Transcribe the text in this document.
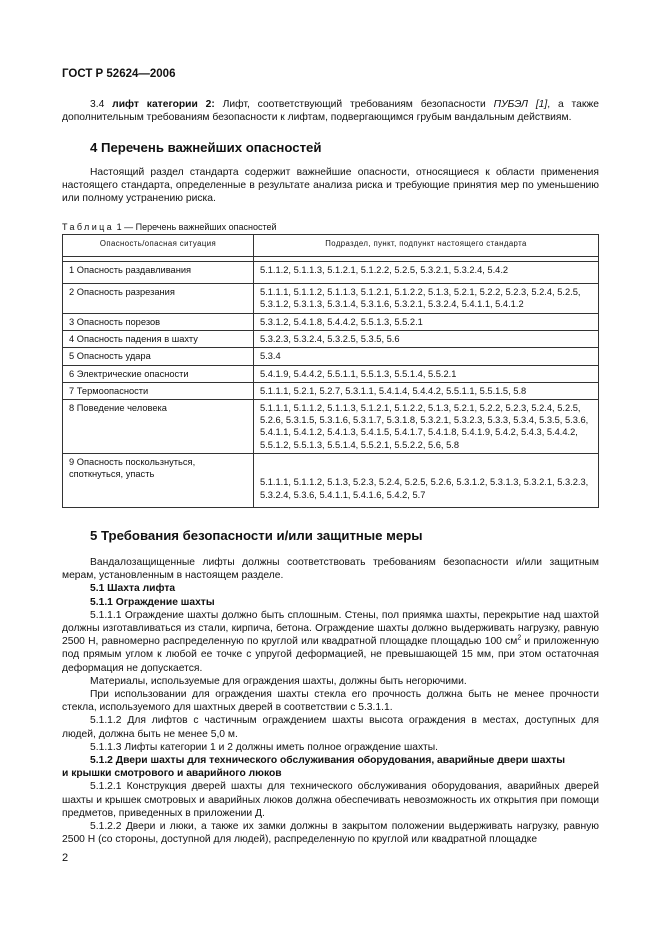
ГОСТ Р 52624—2006
3.4 лифт категории 2: Лифт, соответствующий требованиям безопасности ПУБЭЛ [1], а также дополнительным требованиям безопасности к лифтам, подвергающимся грубым вандальным действиям.
4 Перечень важнейших опасностей
Настоящий раздел стандарта содержит важнейшие опасности, относящиеся к области применения настоящего стандарта, определенные в результате анализа риска и требующие принятия мер по уменьшению или полному устранению риска.
Таблица 1 — Перечень важнейших опасностей
Опасность/опасная ситуация	Подраздел, пункт, подпункт настоящего стандарта

1 Опасность раздавливания	5.1.1.2, 5.1.1.3, 5.1.2.1, 5.1.2.2, 5.2.5, 5.3.2.1, 5.3.2.4, 5.4.2
2 Опасность разрезания	5.1.1.1, 5.1.1.2, 5.1.1.3, 5.1.2.1, 5.1.2.2, 5.1.3, 5.2.1, 5.2.2, 5.2.3, 5.2.4, 5.2.5, 5.3.1.2, 5.3.1.3, 5.3.1.4, 5.3.1.6, 5.3.2.1, 5.3.2.4, 5.4.1.1, 5.4.1.2
3 Опасность порезов	5.3.1.2, 5.4.1.8, 5.4.4.2, 5.5.1.3, 5.5.2.1
4 Опасность падения в шахту	5.3.2.3, 5.3.2.4, 5.3.2.5, 5.3.5, 5.6
5 Опасность удара	5.3.4
6 Электрические опасности	5.4.1.9, 5.4.4.2, 5.5.1.1, 5.5.1.3, 5.5.1.4, 5.5.2.1
7 Термоопасности	5.1.1.1, 5.2.1, 5.2.7, 5.3.1.1, 5.4.1.4, 5.4.4.2, 5.5.1.1, 5.5.1.5, 5.8
8 Поведение человека	5.1.1.1, 5.1.1.2, 5.1.1.3, 5.1.2.1, 5.1.2.2, 5.1.3, 5.2.1, 5.2.2, 5.2.3, 5.2.4, 5.2.5, 5.2.6, 5.3.1.5, 5.3.1.6, 5.3.1.7, 5.3.1.8, 5.3.2.1, 5.3.2.3, 5.3.3, 5.3.4, 5.3.5, 5.3.6, 5.4.1.1, 5.4.1.2, 5.4.1.3, 5.4.1.5, 5.4.1.7, 5.4.1.8, 5.4.1.9, 5.4.2, 5.4.3, 5.4.4.2, 5.5.1.2, 5.5.1.3, 5.5.1.4, 5.5.2.1, 5.5.2.2, 5.6, 5.8
9 Опасность поскользнуться, споткнуться, упасть	5.1.1.1, 5.1.1.2, 5.1.3, 5.2.3, 5.2.4, 5.2.5, 5.2.6, 5.3.1.2, 5.3.1.3, 5.3.2.1, 5.3.2.3, 5.3.2.4, 5.3.6, 5.4.1.1, 5.4.1.6, 5.4.2, 5.7
5 Требования безопасности и/или защитные меры

Вандалозащищенные лифты должны соответствовать требованиям безопасности и/или защитным мерам, установленным в настоящем разделе.

5.1 Шахта лифта

5.1.1 Ограждение шахты

5.1.1.1 Ограждение шахты должно быть сплошным. Стены, пол приямка шахты, перекрытие над шахтой должны изготавливаться из стали, кирпича, бетона. Ограждение шахты должно выдерживать нагрузку, равную 2500 Н, равномерно распределенную по круглой или квадратной площадке площадью 100 $см^2$ и приложенную под прямым углом к любой ее точке с упругой деформацией, не превышающей 15 мм, при этом остаточная деформация не допускается.

Материалы, используемые для ограждения шахты, должны быть негорючими.

При использовании для ограждения шахты стекла его прочность должна быть не менее прочности стекла, используемого для шахтных дверей в соответствии с 5.3.1.1.

5.1.1.2 Для лифтов с частичным ограждением шахты высота ограждения в местах, доступных для людей, должна быть не менее 5,0 м.

5.1.1.3 Лифты категории 1 и 2 должны иметь полное ограждение шахты.

5.1.2 Двери шахты для технического обслуживания оборудования, аварийные двери шахты

и крышки смотрового и аварийного люков

5.1.2.1 Конструкция дверей шахты для технического обслуживания оборудования, аварийных дверей шахты и крышек смотровых и аварийных люков должна обеспечивать невозможность их открытия при помощи предметов, приведенных в приложении Д.

5.1.2.2 Двери и люки, а также их замки должны в закрытом положении выдерживать нагрузку, равную 2500 Н (со стороны, доступной для людей), распределенную по круглой или квадратной площадке

2
